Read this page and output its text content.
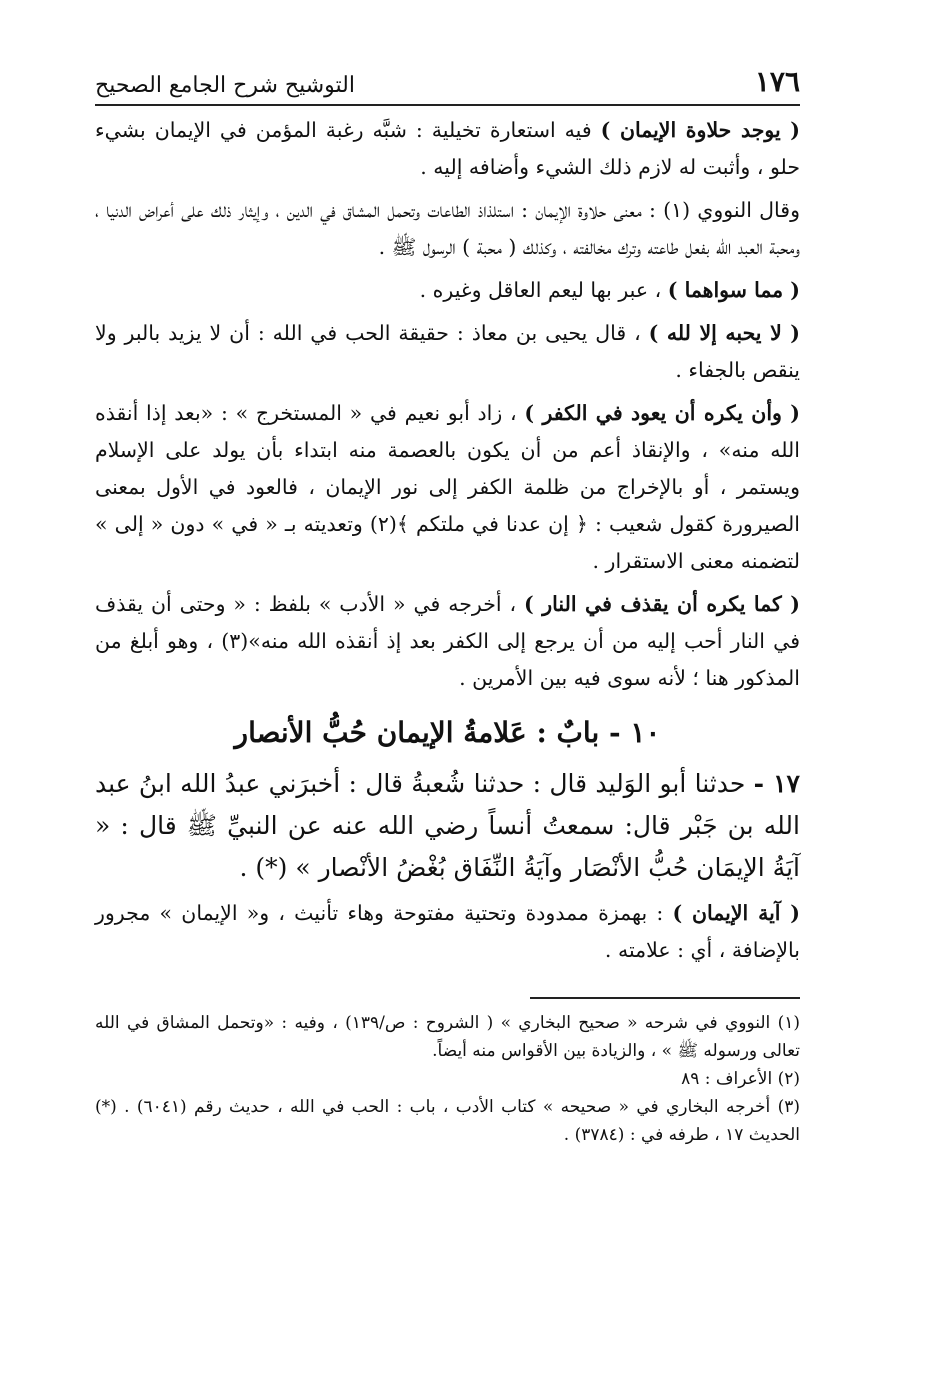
١٧٦
التوشيح شرح الجامع الصحيح

( يوجد حلاوة الإيمان ) فيه استعارة تخيلية : شبَّه رغبة المؤمن في الإيمان بشيء حلو ، وأثبت له لازم ذلك الشيء وأضافه إليه .

وقال النووي (١) : معنى حلاوة الإيمان : استلذاذ الطاعات وتحمل المشاق في الدين ، وإيثار ذلك على أعراض الدنيا ، ومحبة العبد الله بفعل طاعته وترك مخالفته ، وكذلك ( محبة ) الرسول ﷺ .

( مما سواهما ) ، عبر بها ليعم العاقل وغيره .

( لا يحبه إلا لله ) ، قال يحيى بن معاذ : حقيقة الحب في الله : أن لا يزيد بالبر ولا ينقص بالجفاء .

( وأن يكره أن يعود في الكفر ) ، زاد أبو نعيم في « المستخرج » : «بعد إذا أنقذه الله منه» ، والإنقاذ أعم من أن يكون بالعصمة منه ابتداء بأن يولد على الإسلام ويستمر ، أو بالإخراج من ظلمة الكفر إلى نور الإيمان ، فالعود في الأول بمعنى الصيرورة كقول شعيب : ﴿ إن عدنا في ملتكم ﴾(٢) وتعديته بـ « في » دون « إلى » لتضمنه معنى الاستقرار .

( كما يكره أن يقذف في النار ) ، أخرجه في « الأدب » بلفظ : « وحتى أن يقذف في النار أحب إليه من أن يرجع إلى الكفر بعد إذ أنقذه الله منه»(٣) ، وهو أبلغ من المذكور هنا ؛ لأنه سوى فيه بين الأمرين .

١٠ - بابٌ : عَلامةُ الإيمان حُبُّ الأنصار

١٧ - حدثنا أبو الوَليد قال : حدثنا شُعبةُ قال : أخبرَني عبدُ الله ابنُ عبد الله بن جَبْر قال: سمعتُ أنساً رضي الله عنه عن النبيِّ ﷺ قال : « آيَةُ الإيمَان حُبُّ الأنْصَار وآيَةُ النِّفَاق بُغْضُ الأنْصار » (*) .

( آية الإيمان ) : بهمزة ممدودة وتحتية مفتوحة وهاء تأنيث ، و« الإيمان » مجرور بالإضافة ، أي : علامته .

(١) النووي في شرحه « صحيح البخاري » ( الشروح : ص/١٣٩) ، وفيه : «وتحمل المشاق في الله تعالى ورسوله ﷺ » ، والزيادة بين الأقواس منه أيضاً.

(٢) الأعراف : ٨٩

(٣) أخرجه البخاري في « صحيحه » كتاب الأدب ، باب : الحب في الله ، حديث رقم (٦٠٤١) . (*) الحديث ١٧ ، طرفه في : (٣٧٨٤) .
